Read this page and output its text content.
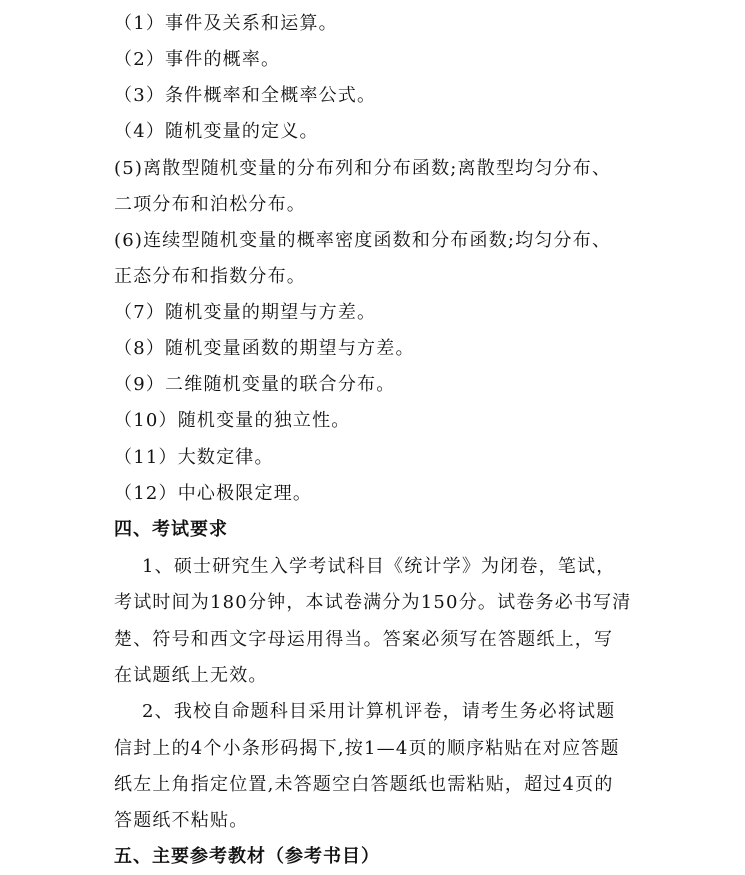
（1）事件及关系和运算。
（2）事件的概率。
（3）条件概率和全概率公式。
（4）随机变量的定义。
(5)离散型随机变量的分布列和分布函数;离散型均匀分布、
二项分布和泊松分布。
(6)连续型随机变量的概率密度函数和分布函数;均匀分布、
正态分布和指数分布。
（7）随机变量的期望与方差。
（8）随机变量函数的期望与方差。
（9）二维随机变量的联合分布。
（10）随机变量的独立性。
（11）大数定律。
（12）中心极限定理。
四、考试要求
1、硕士研究生入学考试科目《统计学》为闭卷，笔试，
考试时间为180分钟，本试卷满分为150分。试卷务必书写清
楚、符号和西文字母运用得当。答案必须写在答题纸上，写
在试题纸上无效。
2、我校自命题科目采用计算机评卷，请考生务必将试题
信封上的4个小条形码揭下,按1—4页的顺序粘贴在对应答题
纸左上角指定位置,未答题空白答题纸也需粘贴，超过4页的
答题纸不粘贴。
五、主要参考教材（参考书目）
